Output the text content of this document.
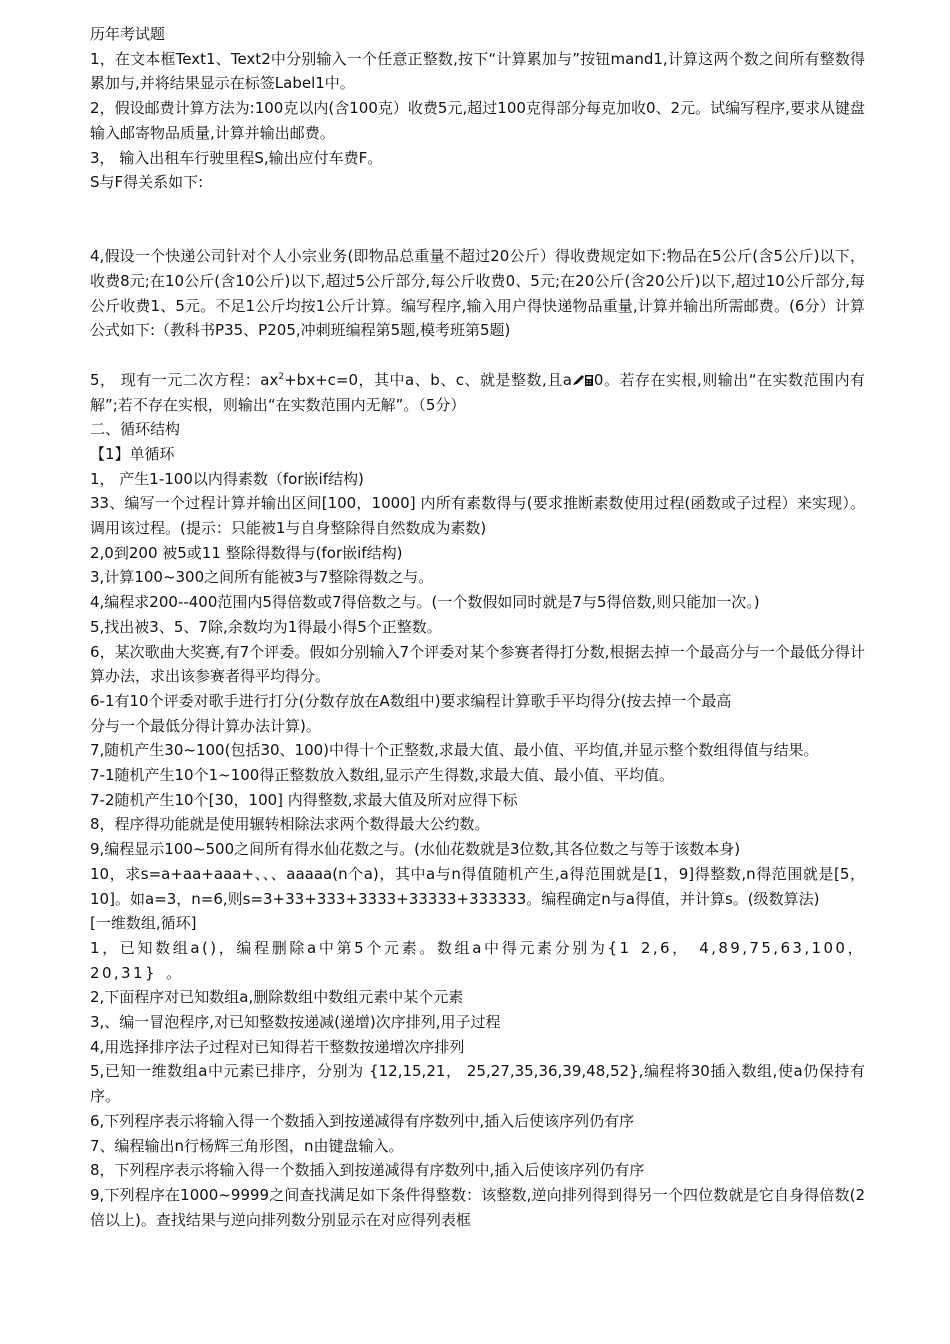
历年考试题
1，在文本框Text1、Text2中分别输入一个任意正整数,按下“计算累加与”按钮mand1,计算这两个数之间所有整数得累加与,并将结果显示在标签Label1中。
2，假设邮费计算方法为:100克以内(含100克）收费5元,超过100克得部分每克加收0、2元。试编写程序,要求从键盘输入邮寄物品质量,计算并输出邮费。
3， 输入出租车行驶里程S,输出应付车费F。
S与F得关系如下:
4,假设一个快递公司针对个人小宗业务(即物品总重量不超过20公斤）得收费规定如下:物品在5公斤(含5公斤)以下，收费8元;在10公斤(含10公斤)以下,超过5公斤部分,每公斤收费0、5元;在20公斤(含20公斤)以下,超过10公斤部分,每公斤收费1、5元。不足1公斤均按1公斤计算。编写程序,输入用户得快递物品重量,计算并输出所需邮费。(6分）计算公式如下:（教科书P35、P205,冲刺班编程第5题,模考班第5题)
5， 现有一元二次方程：$ax^2+bx+c=0$，其中a、b、c、就是整数,且a 0。若存在实根,则输出“在实数范围内有解”;若不存在实根，则输出“在实数范围内无解”。（5分）
二、循环结构
【1】单循环
1， 产生1-100以内得素数（for嵌if结构)
33、编写一个过程计算并输出区间[100，1000] 内所有素数得与(要求推断素数使用过程(函数或子过程）来实现）。调用该过程。(提示：只能被1与自身整除得自然数成为素数)
2,0到200 被5或11 整除得数得与(for嵌if结构)
3,计算100~300之间所有能被3与7整除得数之与。
4,编程求200--400范围内5得倍数或7得倍数之与。(一个数假如同时就是7与5得倍数,则只能加一次。)
5,找出被3、5、7除,余数均为1得最小得5个正整数。
6，某次歌曲大奖赛,有7个评委。假如分别输入7个评委对某个参赛者得打分数,根据去掉一个最高分与一个最低分得计算办法，求出该参赛者得平均得分。
6-1有10个评委对歌手进行打分(分数存放在A数组中)要求编程计算歌手平均得分(按去掉一个最高
分与一个最低分得计算办法计算)。
7,随机产生30~100(包括30、100)中得十个正整数,求最大值、最小值、平均值,并显示整个数组得值与结果。
7-1随机产生10个1~100得正整数放入数组,显示产生得数,求最大值、最小值、平均值。
7-2随机产生10个[30，100] 内得整数,求最大值及所对应得下标
8，程序得功能就是使用辗转相除法求两个数得最大公约数。
9,编程显示100~500之间所有得水仙花数之与。(水仙花数就是3位数,其各位数之与等于该数本身)
10，求s=a+aa+aaa+、、、aaaaa(n个a)，其中a与n得值随机产生,a得范围就是[1，9]得整数,n得范围就是[5，10]。如a=3，n=6,则s=3+33+333+3333+33333+333333。编程确定n与a得值，并计算s。(级数算法)
[一维数组,循环]
1，已知数组a()，编程删除a中第5个元素。数组a中得元素分别为{1 2,6， 4,89,75,63,100，20,31} 。
2,下面程序对已知数组a,删除数组中数组元素中某个元素
3,、编一冒泡程序,对已知整数按递减(递增)次序排列,用子过程
4,用选择排序法子过程对已知得若干整数按递增次序排列
5,已知一维数组a中元素已排序，分别为 {12,15,21， 25,27,35,36,39,48,52},编程将30插入数组,使a仍保持有序。
6,下列程序表示将输入得一个数插入到按递减得有序数列中,插入后使该序列仍有序
7、编程输出n行杨辉三角形图，n由键盘输入。
8，下列程序表示将输入得一个数插入到按递减得有序数列中,插入后使该序列仍有序
9,下列程序在1000~9999之间查找满足如下条件得整数：该整数,逆向排列得到得另一个四位数就是它自身得倍数(2倍以上)。查找结果与逆向排列数分别显示在对应得列表框
